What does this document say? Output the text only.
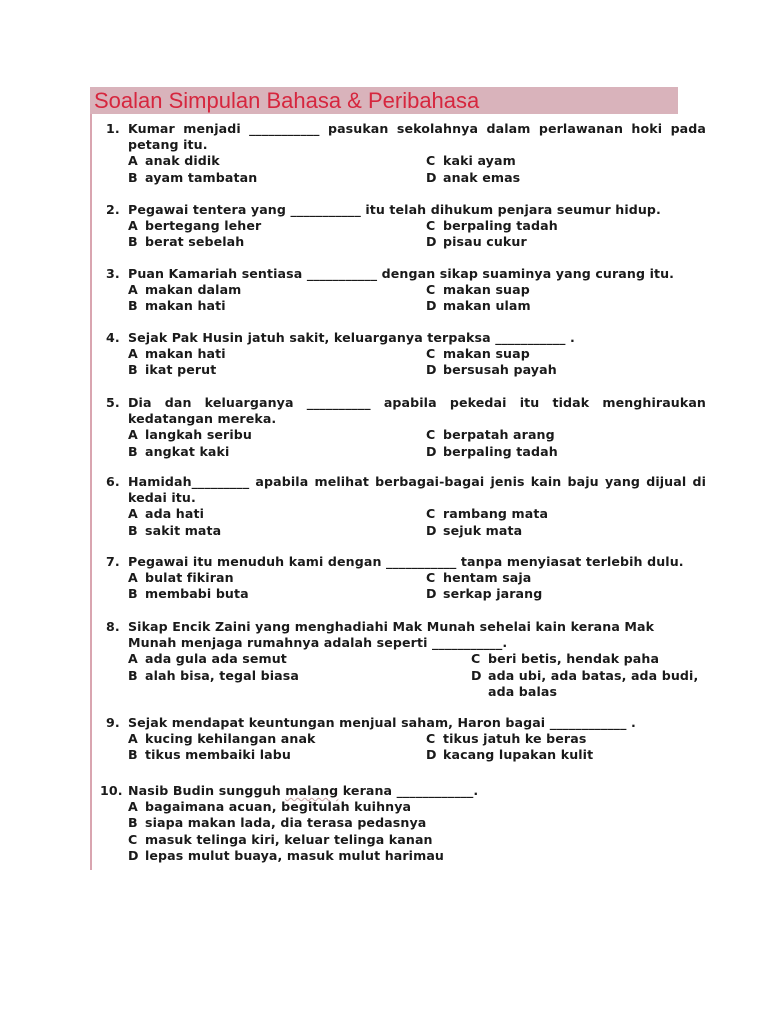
Soalan Simpulan Bahasa & Peribahasa
1. Kumar menjadi ___________ pasukan sekolahnya dalam perlawanan hoki pada petang itu.
A anak didik	C kaki ayam
B ayam tambatan	D anak emas
2. Pegawai tentera yang ___________ itu telah dihukum penjara seumur hidup.
A bertegang leher	C berpaling tadah
B berat sebelah	D pisau cukur
3. Puan Kamariah sentiasa ___________ dengan sikap suaminya yang curang itu.
A makan dalam	C makan suap
B makan hati	D makan ulam
4. Sejak Pak Husin jatuh sakit, keluarganya terpaksa ___________ .
A makan hati	C makan suap
B ikat perut	D bersusah payah
5. Dia dan keluarganya __________ apabila pekedai itu tidak menghiraukan kedatangan mereka.
A langkah seribu	C berpatah arang
B angkat kaki	D berpaling tadah
6. Hamidah_________ apabila melihat berbagai-bagai jenis kain baju yang dijual di kedai itu.
A ada hati	C rambang mata
B sakit mata	D sejuk mata
7. Pegawai itu menuduh kami dengan ___________ tanpa menyiasat terlebih dulu.
A bulat fikiran	C hentam saja
B membabi buta	D serkap jarang
8. Sikap Encik Zaini yang menghadiahi Mak Munah sehelai kain kerana Mak Munah menjaga rumahnya adalah seperti ___________.
A ada gula ada semut	C beri betis, hendak paha
B alah bisa, tegal biasa	D ada ubi, ada batas, ada budi, ada balas
9. Sejak mendapat keuntungan menjual saham, Haron bagai ____________ .
A kucing kehilangan anak	C tikus jatuh ke beras
B tikus membaiki labu	D kacang lupakan kulit
10. Nasib Budin sungguh malang kerana ____________.
A bagaimana acuan, begitulah kuihnya
B siapa makan lada, dia terasa pedasnya
C masuk telinga kiri, keluar telinga kanan
D lepas mulut buaya, masuk mulut harimau
